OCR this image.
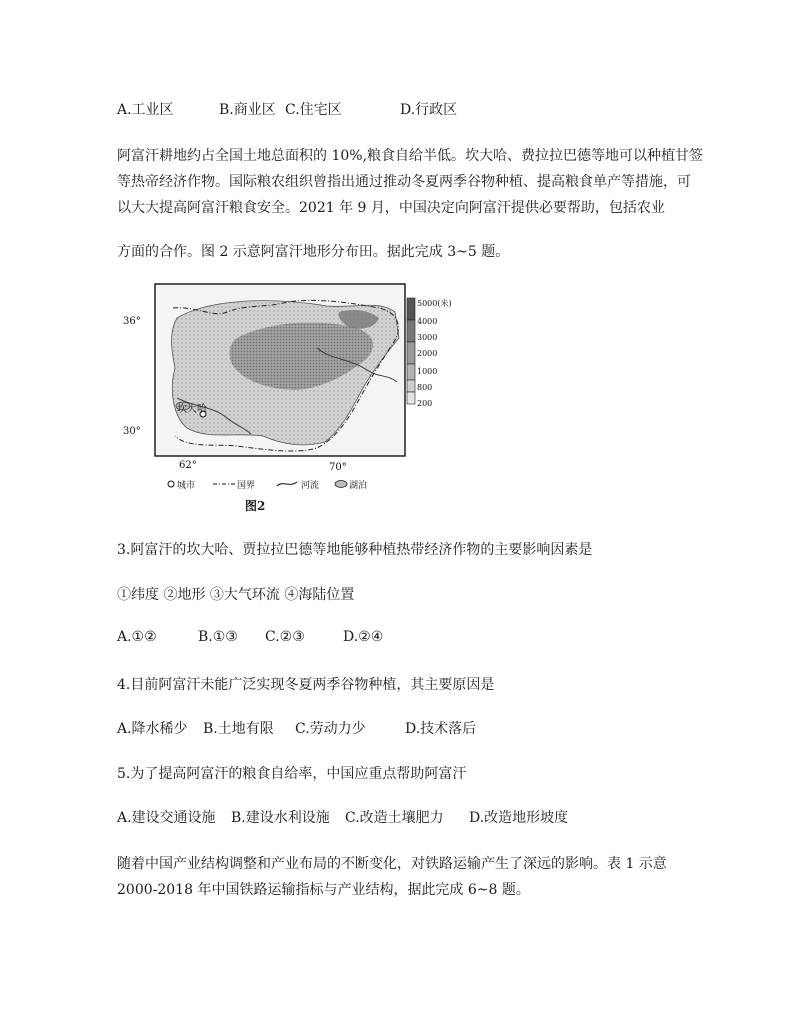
A.工业区	B.商业区 C.住宅区	D.行政区
阿富汗耕地约占全国土地总面积的 10%,粮食自给半低。坎大哈、费拉拉巴德等地可以种植甘签
等热帝经济作物。国际粮农组织曾指出通过推动冬夏两季谷物种植、提高粮食单产等措施，可
以大大提高阿富汗粮食安全。2021 年 9 月，中国决定向阿富汗提供必要帮助，包括农业
方面的合作。图 2 示意阿富汗地形分布田。据此完成 3~5 题。
坎大哈
36°
30°
62°	70°
5000(米)
4000
3000
2000
1000
800
200
城市	国界	河流	湖泊
图2
3.阿富汗的坎大哈、贾拉拉巴德等地能够种植热带经济作物的主要影响因素是
①纬度 ②地形 ③大气环流 ④海陆位置
A.①②	B.①③ C.②③	D.②④
4.目前阿富汗未能广泛实现冬夏两季谷物种植，其主要原因是
A.降水稀少 B.土地有限 C.劳动力少	D.技术落后
5.为了提高阿富汗的粮食自给率，中国应重点帮助阿富汗
A.建设交通设施 B.建设水利设施 C.改造土壤肥力 D.改造地形坡度
随着中国产业结构调整和产业布局的不断变化，对铁路运输产生了深远的影响。表 1 示意
2000-2018 年中国铁路运输指标与产业结构，据此完成 6~8 题。
